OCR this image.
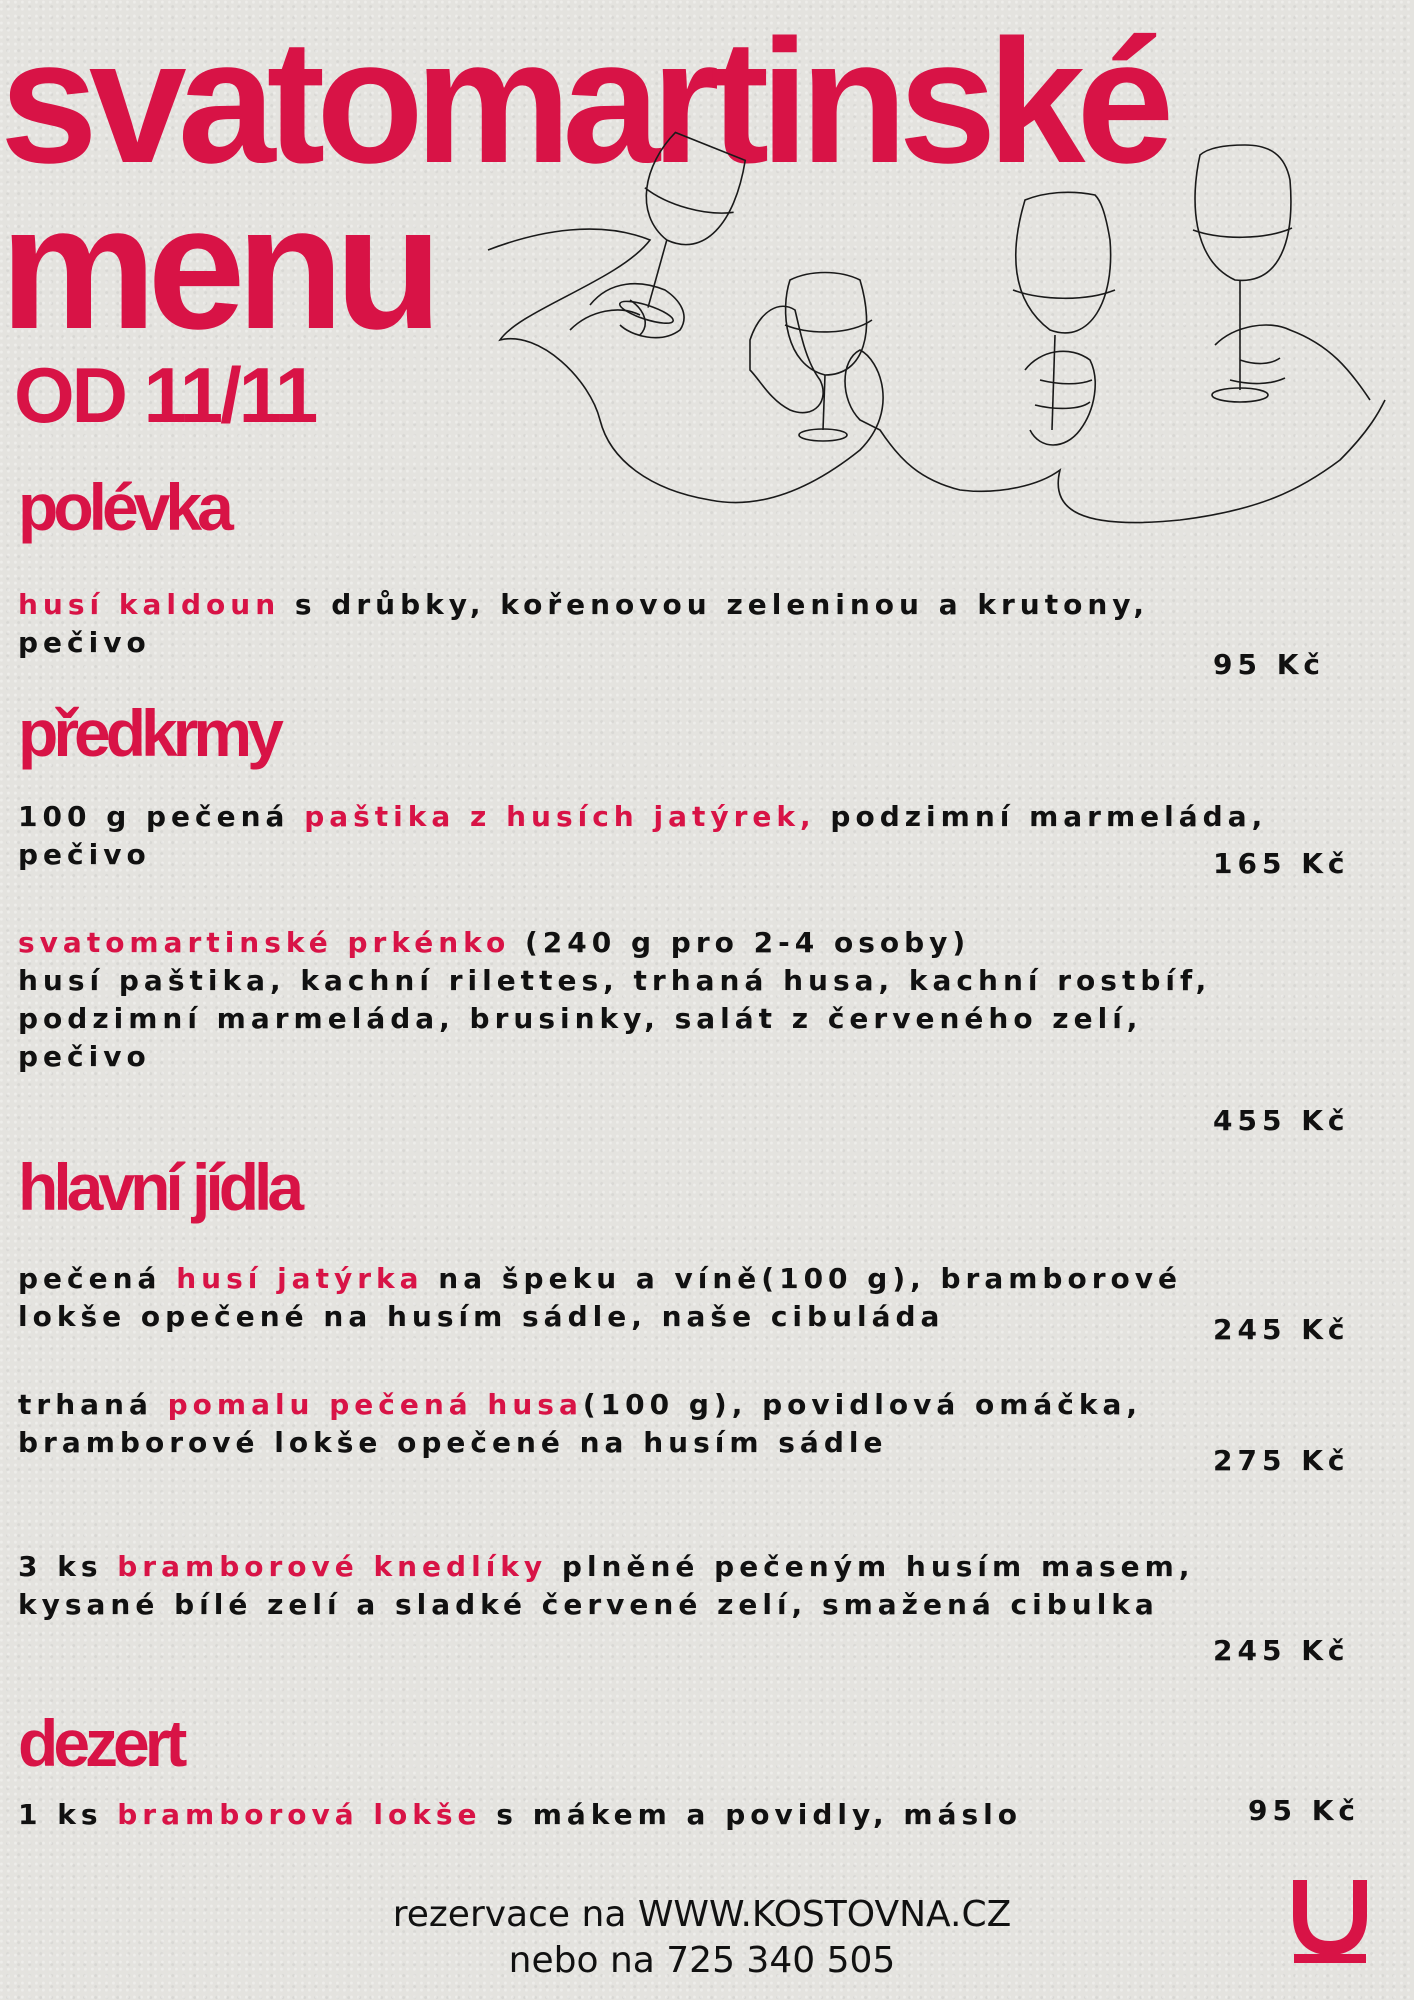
svatomartinské
menu
OD 11/11
polévka

husí kaldoun s drůbky, kořenovou zeleninou a krutony,
pečivo

95 Kč
předkrmy

100 g pečená paštika z husích jatýrek, podzimní marmeláda,
pečivo	165 Kč

svatomartinské prkénko (240 g pro 2-4 osoby)
husí paštika, kachní rilettes, trhaná husa, kachní rostbíf,
podzimní marmeláda, brusinky, salát z červeného zelí,
pečivo

455 Kč
hlavní jídla

pečená husí jatýrka na špeku a víně(100 g), bramborové
lokše opečené na husím sádle, naše cibuláda	245 Kč

trhaná pomalu pečená husa(100 g), povidlová omáčka,
bramborové lokše opečené na husím sádle

275 Kč

3 ks bramborové knedlíky plněné pečeným husím masem,
kysané bílé zelí a sladké červené zelí, smažená cibulka

245 Kč
dezert

1 ks bramborová lokše s mákem a povidly, máslo	95 Kč
rezervace na WWW.KOSTOVNA.CZ
nebo na 725 340 505
